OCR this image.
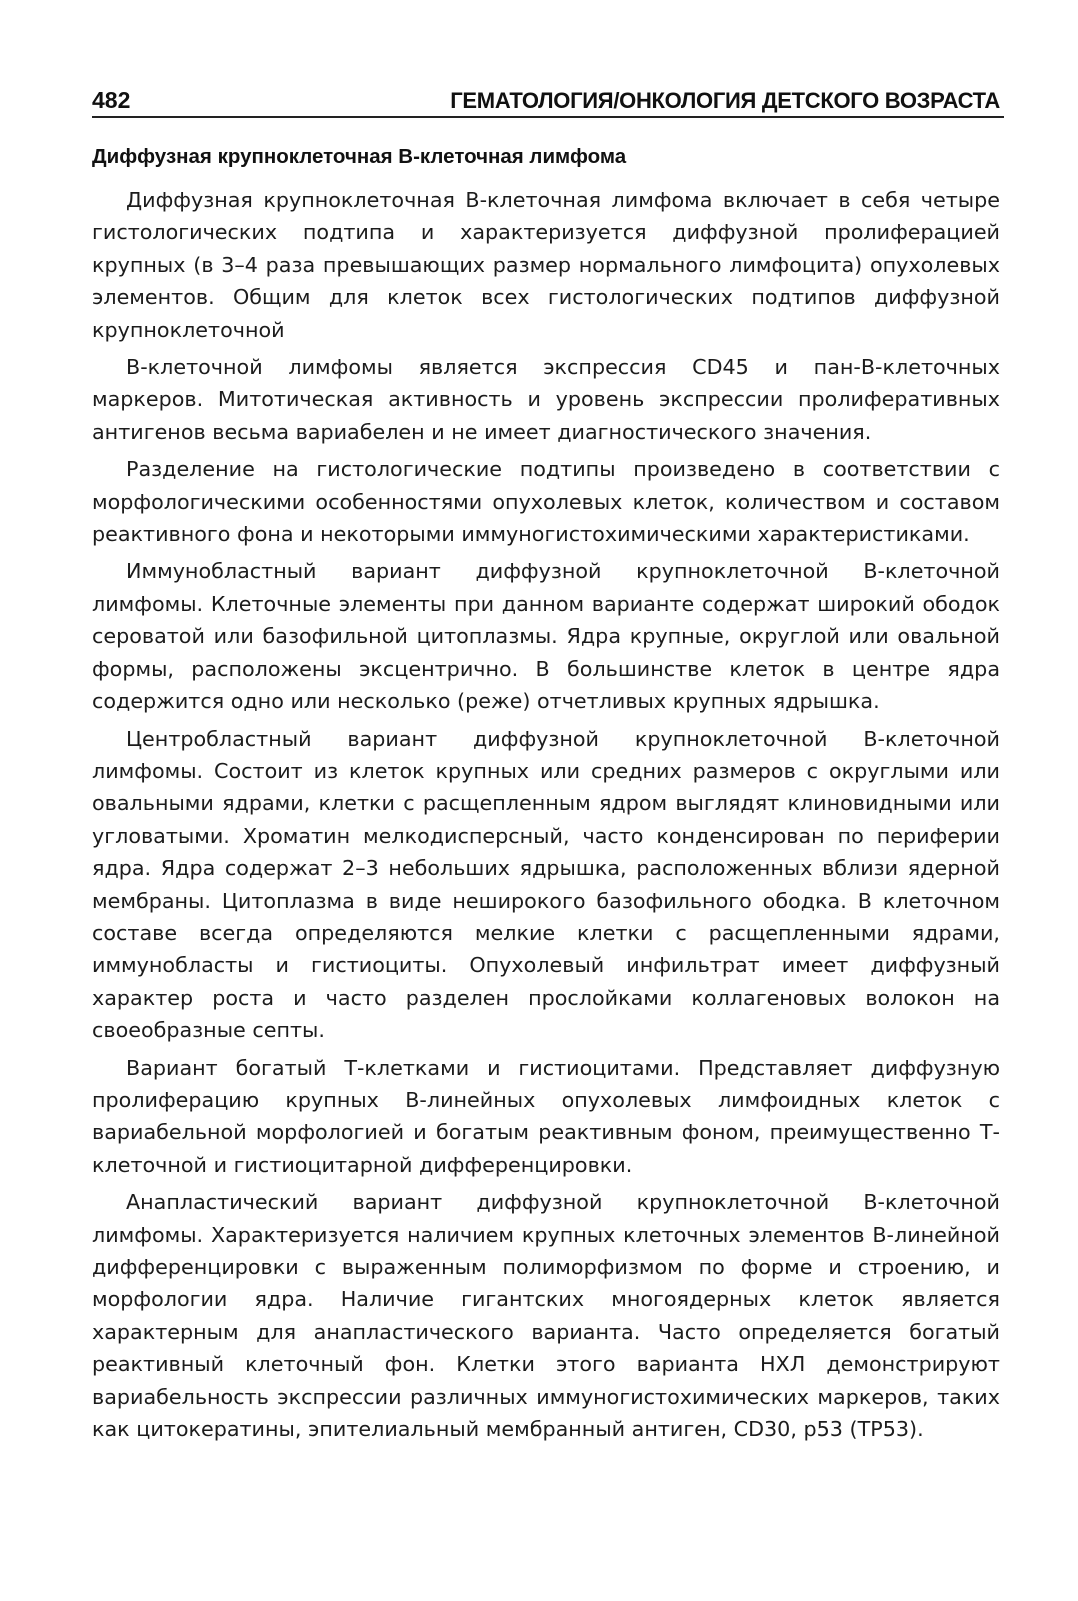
482	ГЕМАТОЛОГИЯ/ОНКОЛОГИЯ ДЕТСКОГО ВОЗРАСТА
Диффузная крупноклеточная В-клеточная лимфома

Диффузная крупноклеточная В-клеточная лимфома включает в себя четыре гистологических подтипа и характеризуется диффузной пролиферацией крупных (в 3–4 раза превышающих размер нормального лимфоцита) опухолевых элементов. Общим для клеток всех гистологических подтипов диффузной крупноклеточной

В-клеточной лимфомы является экспрессия CD45 и пан-В-клеточных маркеров. Митотическая активность и уровень экспрессии пролиферативных антигенов весьма вариабелен и не имеет диагностического значения.

Разделение на гистологические подтипы произведено в соответствии с морфологическими особенностями опухолевых клеток, количеством и составом реактивного фона и некоторыми иммуногистохимическими характеристиками.

Иммунобластный вариант диффузной крупноклеточной В-клеточной лимфомы. Клеточные элементы при данном варианте содержат широкий ободок сероватой или базофильной цитоплазмы. Ядра крупные, округлой или овальной формы, расположены эксцентрично. В большинстве клеток в центре ядра содержится одно или несколько (реже) отчетливых крупных ядрышка.

Центробластный вариант диффузной крупноклеточной В-клеточной лимфомы. Состоит из клеток крупных или средних размеров с округлыми или овальными ядрами, клетки с расщепленным ядром выглядят клиновидными или угловатыми. Хроматин мелкодисперсный, часто конденсирован по периферии ядра. Ядра содержат 2–3 небольших ядрышка, расположенных вблизи ядерной мембраны. Цитоплазма в виде неширокого базофильного ободка. В клеточном составе всегда определяются мелкие клетки с расщепленными ядрами, иммунобласты и гистиоциты. Опухолевый инфильтрат имеет диффузный характер роста и часто разделен прослойками коллагеновых волокон на своеобразные септы.

Вариант богатый Т-клетками и гистиоцитами. Представляет диффузную пролиферацию крупных В-линейных опухолевых лимфоидных клеток с вариабельной морфологией и богатым реактивным фоном, преимущественно Т-клеточной и гистиоцитарной дифференцировки.

Анапластический вариант диффузной крупноклеточной В-клеточной лимфомы. Характеризуется наличием крупных клеточных элементов В-линейной дифференцировки с выраженным полиморфизмом по форме и строению, и морфологии ядра. Наличие гигантских многоядерных клеток является характерным для анапластического варианта. Часто определяется богатый реактивный клеточный фон. Клетки этого варианта НХЛ демонстрируют вариабельность экспрессии различных иммуногистохимических маркеров, таких как цитокератины, эпителиальный мембранный антиген, CD30, p53 (TP53).
